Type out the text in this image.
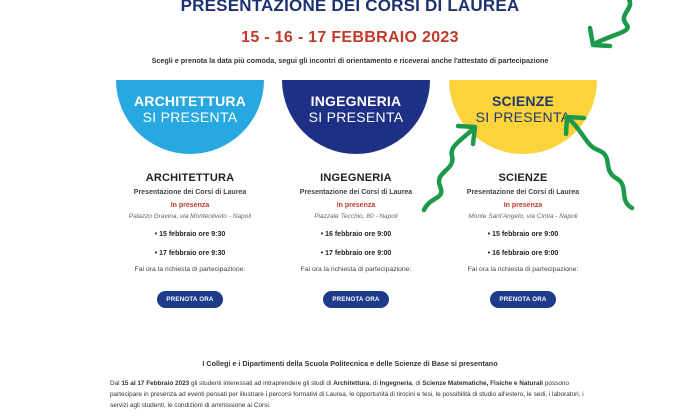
PRESENTAZIONE DEI CORSI DI LAUREA
15 - 16 - 17 FEBBRAIO 2023
Scegli e prenota la data più comoda, segui gli incontri di orientamento e riceverai anche l'attestato di partecipazione
ARCHITETTURA
SI PRESENTA
ARCHITETTURA
Presentazione dei Corsi di Laurea
In presenza
Palazzo Gravina, via Monteoliveto - Napoli
• 15 febbraio ore 9:30
• 17 febbraio ore 9:30
Fai ora la richiesta di partecipazione:
PRENOTA ORA
INGEGNERIA
SI PRESENTA
INGEGNERIA
Presentazione dei Corsi di Laurea
In presenza
Piazzale Tecchio, 80 - Napoli
• 16 febbraio ore 9:00
• 17 febbraio ore 9:00
Fai ora la richiesta di partecipazione:
PRENOTA ORA
SCIENZE
SI PRESENTA
SCIENZE
Presentazione dei Corsi di Laurea
In presenza
Monte Sant'Angelo, via Cintia - Napoli
• 15 febbraio ore 9:00
• 16 febbraio ore 9:00
Fai ora la richiesta di partecipazione:
PRENOTA ORA
I Collegi e i Dipartimenti della Scuola Politecnica e delle Scienze di Base si presentano
Dal 15 al 17 Febbraio 2023 gli studenti interessati ad intraprendere gli studi di Architettura, di Ingegneria, di Scienze Matematiche, Fisiche e Naturali possono partecipare in presenza ad eventi pensati per illustrare i percorsi formativi di Laurea, le opportunità di tirocini e tesi, le possibilità di studio all'estero, le sedi, i laboratori, i servizi agli studenti, le condizioni di ammissione ai Corsi.
